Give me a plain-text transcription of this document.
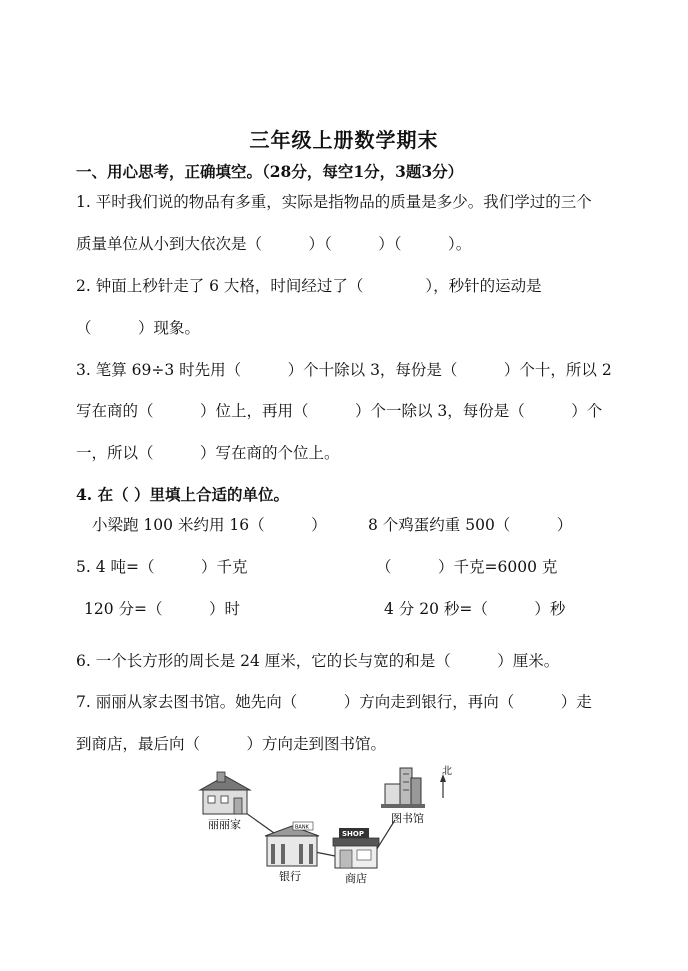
三年级上册数学期末
一、用心思考，正确填空。（28分，每空1分，3题3分）
1. 平时我们说的物品有多重，实际是指物品的质量是多少。我们学过的三个
质量单位从小到大依次是（　　　）（　　　）（　　　）。
2. 钟面上秒针走了 6 大格，时间经过了（　　　　），秒针的运动是
（　　　）现象。
3. 笔算 69÷3 时先用（　　　）个十除以 3，每份是（　　　）个十，所以 2
写在商的（　　　）位上，再用（　　　）个一除以 3，每份是（　　　）个
一，所以（　　　）写在商的个位上。
4. 在（ ）里填上合适的单位。
小梁跑 100 米约用 16（　　　）	8 个鸡蛋约重 500（　　　）
5. 4 吨=（　　　）千克	（　　　）千克=6000 克
120 分=（　　　）时	4 分 20 秒=（　　　）秒
6. 一个长方形的周长是 24 厘米，它的长与宽的和是（　　　）厘米。
7. 丽丽从家去图书馆。她先向（　　　）方向走到银行，再向（　　　）走
到商店，最后向（　　　）方向走到图书馆。
丽丽家	BANK
银行
SHOP
商店
图书馆
北
